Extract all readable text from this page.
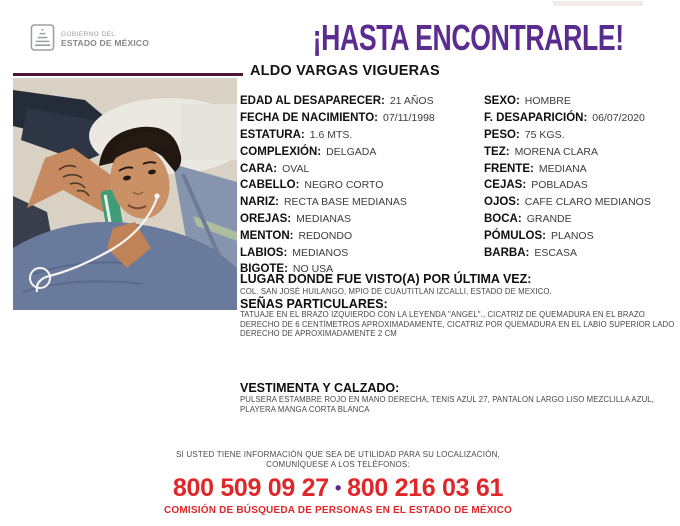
GOBIERNO DEL
ESTADO DE MÉXICO	¡HASTA ENCONTRARLE!
ALDO VARGAS VIGUERAS
EDAD AL DESAPARECER: 21 AÑOS
FECHA DE NACIMIENTO: 07/11/1998
ESTATURA: 1.6 MTS.
COMPLEXIÓN: DELGADA
CARA: OVAL
CABELLO: NEGRO CORTO
NARIZ: RECTA BASE MEDIANAS
OREJAS: MEDIANAS
MENTON: REDONDO
LABIOS: MEDIANOS
BIGOTE: NO USA
SEXO: HOMBRE
F. DESAPARICIÓN: 06/07/2020
PESO: 75 KGS.
TEZ: MORENA CLARA
FRENTE: MEDIANA
CEJAS: POBLADAS
OJOS: CAFE CLARO MEDIANOS
BOCA: GRANDE
PÓMULOS: PLANOS
BARBA: ESCASA
LUGAR DONDE FUE VISTO(A) POR ÚLTIMA VEZ:
COL. SAN JOSÉ HUILANGO, MPIO DE CUAUTITLAN IZCALLI, ESTADO DE MEXICO.
SEÑAS PARTICULARES:
TATUAJE EN EL BRAZO IZQUIERDO CON LA LEYENDA "ANGEL"., CICATRIZ DE QUEMADURA EN EL BRAZO DERECHO DE 6 CENTÍMETROS APROXIMADAMENTE, CICATRIZ POR QUEMADURA EN EL LABIO SUPERIOR LADO DERECHO DE APROXIMADAMENTE 2 CM
VESTIMENTA Y CALZADO:
PULSERA ESTAMBRE ROJO EN MANO DERECHA, TENIS AZUL 27, PANTALON LARGO LISO MEZCLILLA AZUL, PLAYERA MANGA CORTA BLANCA
SI USTED TIENE INFORMACIÓN QUE SEA DE UTILIDAD PARA SU LOCALIZACIÓN,
COMUNÍQUESE A LOS TELÉFONOS:
800 509 09 27 • 800 216 03 61
COMISIÓN DE BÚSQUEDA DE PERSONAS EN EL ESTADO DE MÉXICO
